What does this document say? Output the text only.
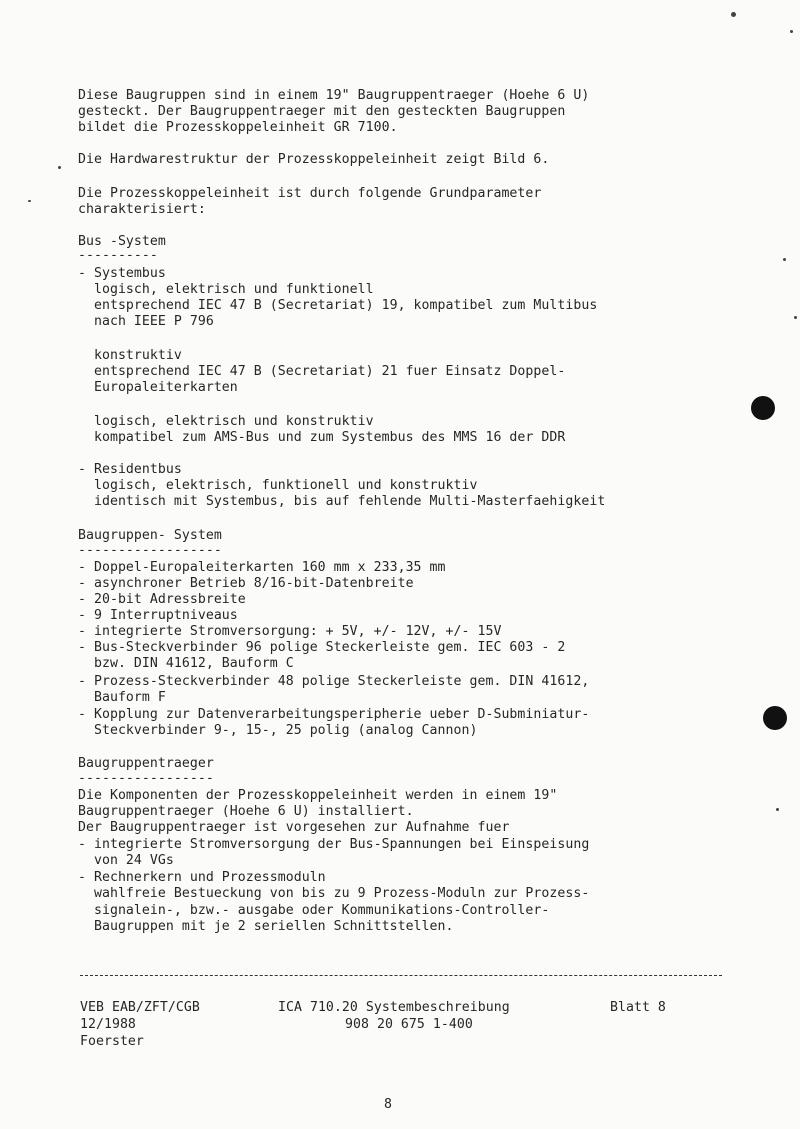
Diese Baugruppen sind in einem 19" Baugruppentraeger (Hoehe 6 U)
gesteckt. Der Baugruppentraeger mit den gesteckten Baugruppen
bildet die Prozesskoppeleinheit GR 7100.
Die Hardwarestruktur der Prozesskoppeleinheit zeigt Bild 6.
Die Prozesskoppeleinheit ist durch folgende Grundparameter
charakterisiert:
Bus -System
----------
- Systembus
logisch, elektrisch und funktionell
entsprechend IEC 47 B (Secretariat) 19, kompatibel zum Multibus
nach IEEE P 796
konstruktiv
entsprechend IEC 47 B (Secretariat) 21 fuer Einsatz Doppel-
Europaleiterkarten
logisch, elektrisch und konstruktiv
kompatibel zum AMS-Bus und zum Systembus des MMS 16 der DDR
- Residentbus
logisch, elektrisch, funktionell und konstruktiv
identisch mit Systembus, bis auf fehlende Multi-Masterfaehigkeit
Baugruppen- System
------------------
- Doppel-Europaleiterkarten 160 mm x 233,35 mm
- asynchroner Betrieb 8/16-bit-Datenbreite
- 20-bit Adressbreite
- 9 Interruptniveaus
- integrierte Stromversorgung: + 5V, +/- 12V, +/- 15V
- Bus-Steckverbinder 96 polige Steckerleiste gem. IEC 603 - 2
bzw. DIN 41612, Bauform C
- Prozess-Steckverbinder 48 polige Steckerleiste gem. DIN 41612,
Bauform F
- Kopplung zur Datenverarbeitungsperipherie ueber D-Subminiatur-
Steckverbinder 9-, 15-, 25 polig (analog Cannon)
Baugruppentraeger
-----------------
Die Komponenten der Prozesskoppeleinheit werden in einem 19"
Baugruppentraeger (Hoehe 6 U) installiert.
Der Baugruppentraeger ist vorgesehen zur Aufnahme fuer
- integrierte Stromversorgung der Bus-Spannungen bei Einspeisung
von 24 VGs
- Rechnerkern und Prozessmoduln
wahlfreie Bestueckung von bis zu 9 Prozess-Moduln zur Prozess-
signalein-, bzw.- ausgabe oder Kommunikations-Controller-
Baugruppen mit je 2 seriellen Schnittstellen.
VEB EAB/ZFT/CGB
12/1988
Foerster
ICA 710.20 Systembeschreibung
908 20 675 1-400
Blatt 8
8
